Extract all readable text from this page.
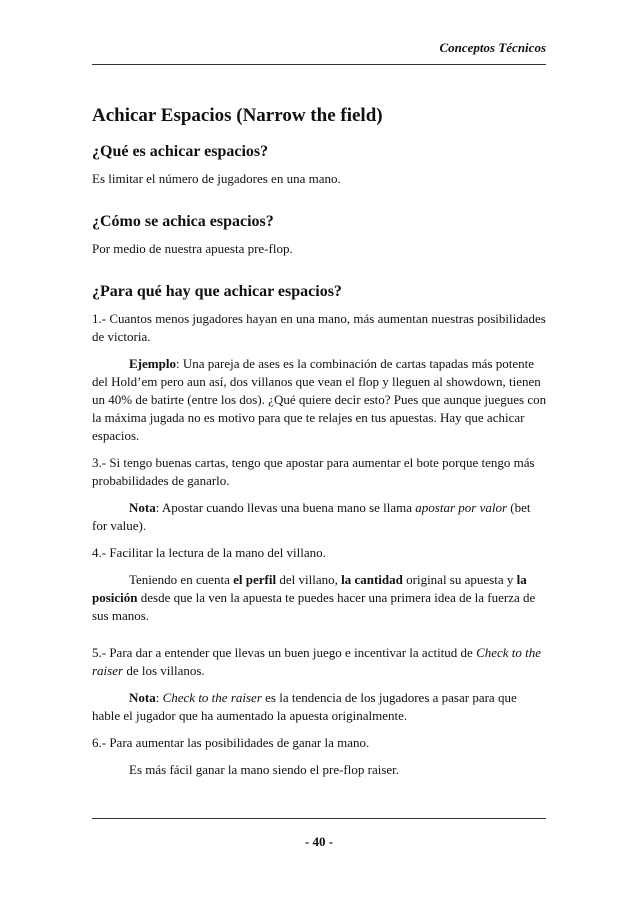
Conceptos Técnicos
Achicar Espacios (Narrow the field)
¿Qué es achicar espacios?

Es limitar el número de jugadores en una mano.

¿Cómo se achica espacios?

Por medio de nuestra apuesta pre-flop.

¿Para qué hay que achicar espacios?

1.- Cuantos menos jugadores hayan en una mano, más aumentan nuestras posibilidades de victoria.

Ejemplo: Una pareja de ases es la combinación de cartas tapadas más potente del Hold’em pero aun así, dos villanos que vean el flop y lleguen al showdown, tienen un 40% de batirte (entre los dos). ¿Qué quiere decir esto? Pues que aunque juegues con la máxima jugada no es motivo para que te relajes en tus apuestas. Hay que achicar espacios.

3.- Si tengo buenas cartas, tengo que apostar para aumentar el bote porque tengo más probabilidades de ganarlo.

Nota: Apostar cuando llevas una buena mano se llama apostar por valor (bet for value).

4.- Facilitar la lectura de la mano del villano.

Teniendo en cuenta el perfil del villano, la cantidad original su apuesta y la posición desde que la ven la apuesta te puedes hacer una primera idea de la fuerza de sus manos.

5.- Para dar a entender que llevas un buen juego e incentivar la actitud de Check to the raiser de los villanos.

Nota: Check to the raiser es la tendencia de los jugadores a pasar para que hable el jugador que ha aumentado la apuesta originalmente.

6.- Para aumentar las posibilidades de ganar la mano.

Es más fácil ganar la mano siendo el pre-flop raiser.

- 40 -
